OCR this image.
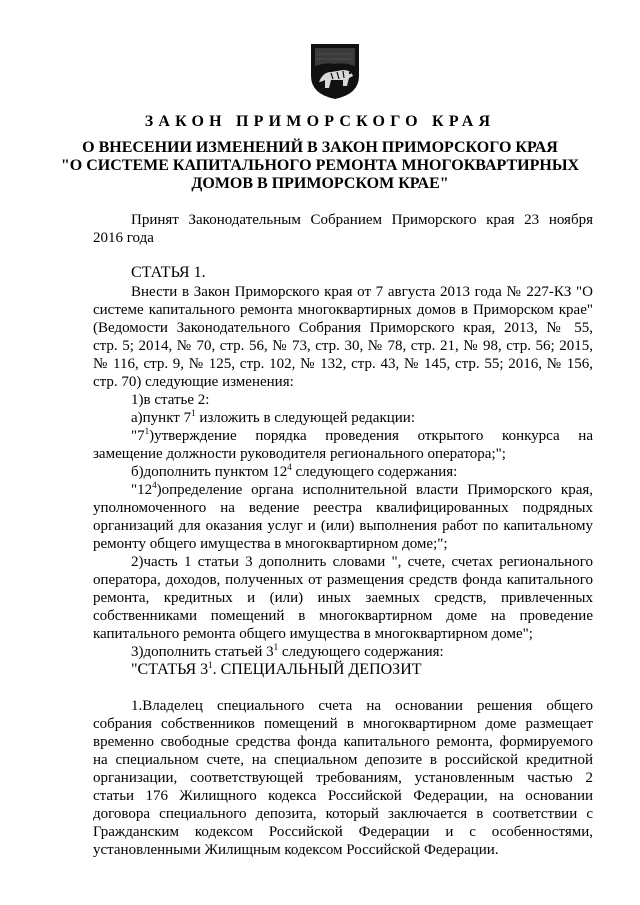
ЗАКОН ПРИМОРСКОГО КРАЯ
О ВНЕСЕНИИ ИЗМЕНЕНИЙ В ЗАКОН ПРИМОРСКОГО КРАЯ
"О СИСТЕМЕ КАПИТАЛЬНОГО РЕМОНТА МНОГОКВАРТИРНЫХ
ДОМОВ В ПРИМОРСКОМ КРАЕ"
Принят Законодательным Собранием Приморского края 23 ноября
2016 года
СТАТЬЯ 1.
Внести в Закон Приморского края от 7 августа 2013 года № 227-КЗ "О
системе капитального ремонта многоквартирных домов в Приморском крае"
(Ведомости Законодательного Собрания Приморского края, 2013, № 55,
стр. 5; 2014, № 70, стр. 56, № 73, стр. 30, № 78, стр. 21, № 98, стр. 56; 2015,
№ 116, стр. 9, № 125, стр. 102, № 132, стр. 43, № 145, стр. 55; 2016, № 156,
стр. 70) следующие изменения:
1)в статье 2:
а)пункт $7^1$ изложить в следующей редакции:
"$7^1)утверждение$ порядка проведения открытого конкурса на
замещение должности руководителя регионального оператора;";
б)дополнить пунктом $12^4$ следующего содержания:
"$12^4)определение$ органа исполнительной власти Приморского края,
уполномоченного на ведение реестра квалифицированных подрядных
организаций для оказания услуг и (или) выполнения работ по капитальному
ремонту общего имущества в многоквартирном доме;";
2)часть 1 статьи 3 дополнить словами ", счете, счетах регионального
оператора, доходов, полученных от размещения средств фонда капитального
ремонта, кредитных и (или) иных заемных средств, привлеченных
собственниками помещений в многоквартирном доме на проведение
капитального ремонта общего имущества в многоквартирном доме";
3)дополнить статьей $3^1$ следующего содержания:
"СТАТЬЯ $3^1$. СПЕЦИАЛЬНЫЙ ДЕПОЗИТ
1.Владелец специального счета на основании решения общего
собрания собственников помещений в многоквартирном доме размещает
временно свободные средства фонда капитального ремонта, формируемого
на специальном счете, на специальном депозите в российской кредитной
организации, соответствующей требованиям, установленным частью 2
статьи 176 Жилищного кодекса Российской Федерации, на основании
договора специального депозита, который заключается в соответствии с
Гражданским кодексом Российской Федерации и с особенностями,
установленными Жилищным кодексом Российской Федерации.
